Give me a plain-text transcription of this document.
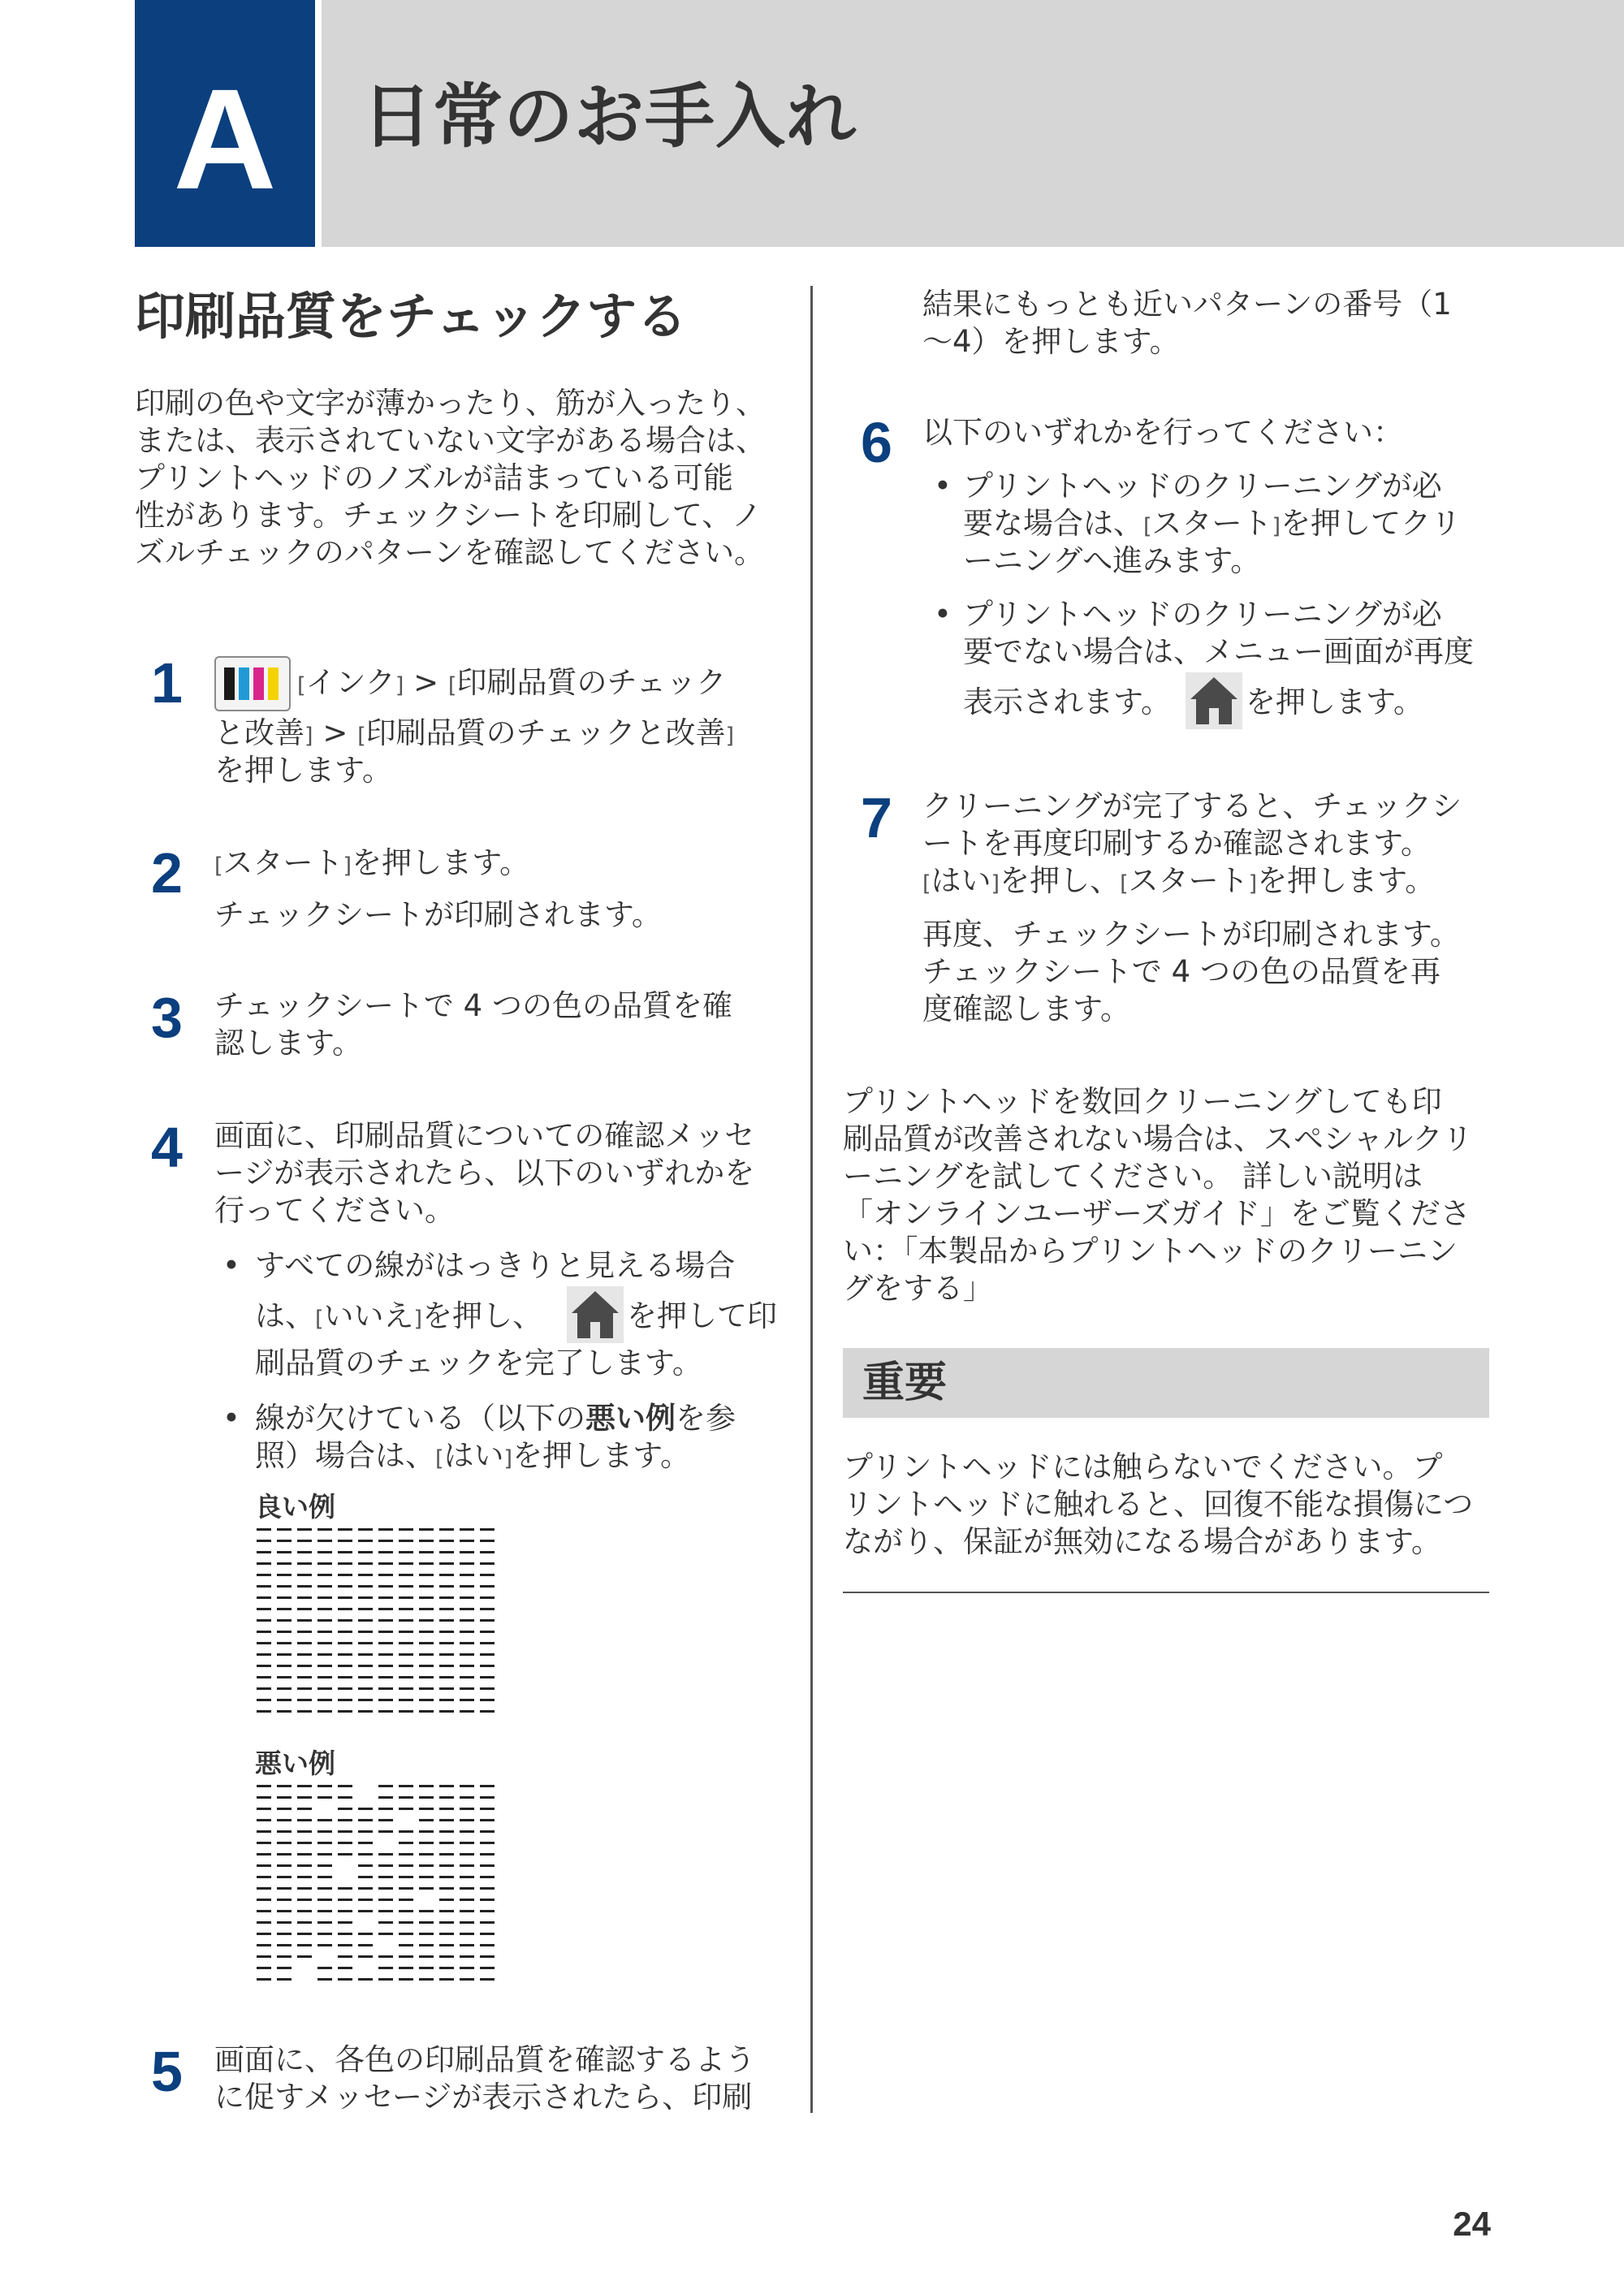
A	日常のお手入れ
印刷品質をチェックする
印刷の色や文字が薄かったり、筋が入ったり、
または、表示されていない文字がある場合は、
プリントヘッドのノズルが詰まっている可能
性があります。チェックシートを印刷して、ノ
ズルチェックのパターンを確認してください。
1	[インク] > [印刷品質のチェック
と改善] > [印刷品質のチェックと改善]
を押します。
2 [スタート]を押します。
チェックシートが印刷されます。
3 チェックシートで 4 つの色の品質を確
認します。
4 画面に、印刷品質についての確認メッセ
ージが表示されたら、以下のいずれかを
行ってください。
• すべての線がはっきりと見える場合
は、[いいえ]を押し、	を押して印
刷品質のチェックを完了します。
• 線が欠けている（以下の悪い例を参
照）場合は、[はい]を押します。
良い例
悪い例
5 画面に、各色の印刷品質を確認するよう
に促すメッセージが表示されたら、印刷
結果にもっとも近いパターンの番号（1
～4）を押します。
6 以下のいずれかを行ってください：
• プリントヘッドのクリーニングが必
要な場合は、[スタート]を押してクリ
ーニングへ進みます。
• プリントヘッドのクリーニングが必
要でない場合は、メニュー画面が再度
表示されます。 を押します。
7 クリーニングが完了すると、チェックシ
ートを再度印刷するか確認されます。
[はい]を押し、[スタート]を押します。
再度、チェックシートが印刷されます。
チェックシートで 4 つの色の品質を再
度確認します。
プリントヘッドを数回クリーニングしても印
刷品質が改善されない場合は、スペシャルクリ
ーニングを試してください。 詳しい説明は
「オンラインユーザーズガイド」をご覧くださ
い：「本製品からプリントヘッドのクリーニン
グをする」
重要
プリントヘッドには触らないでください。プ
リントヘッドに触れると、回復不能な損傷につ
ながり、保証が無効になる場合があります。
24
